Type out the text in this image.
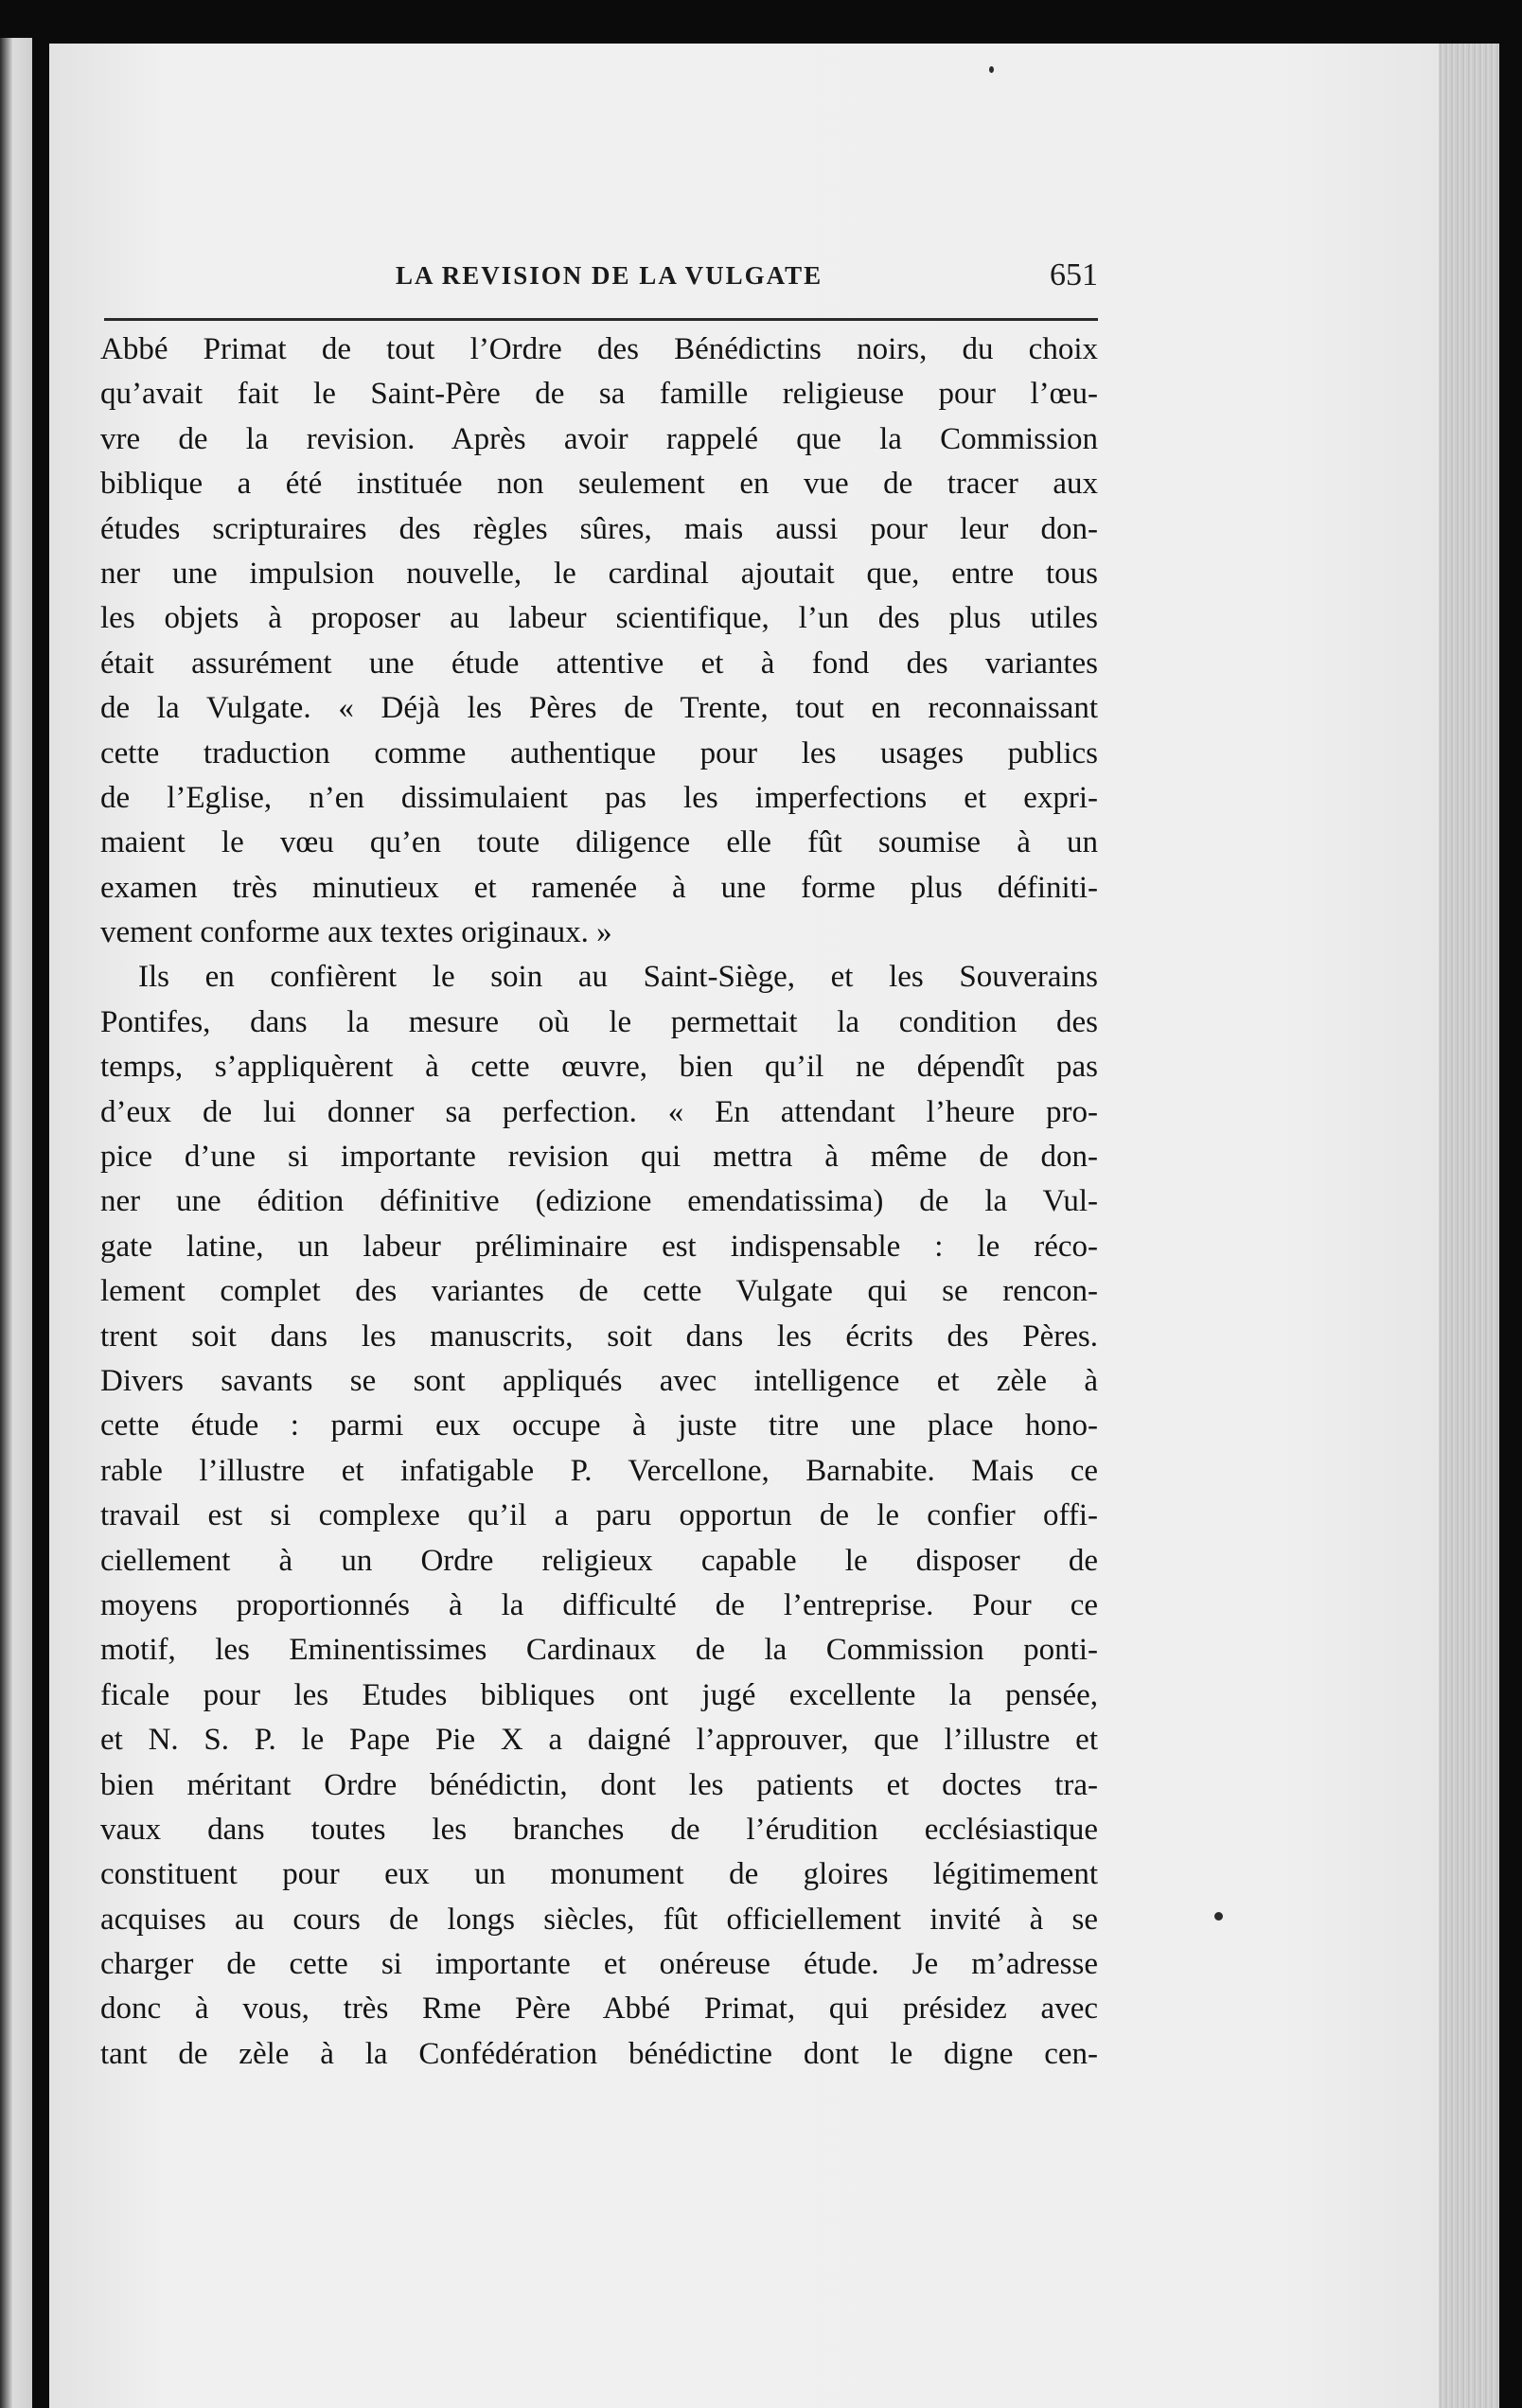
LA REVISION DE LA VULGATE	651
Abbé Primat de tout l’Ordre des Bénédictins noirs, du choix
qu’avait fait le Saint-Père de sa famille religieuse pour l’œu-
vre de la revision. Après avoir rappelé que la Commission
biblique a été instituée non seulement en vue de tracer aux
études scripturaires des règles sûres, mais aussi pour leur don-
ner une impulsion nouvelle, le cardinal ajoutait que, entre tous
les objets à proposer au labeur scientifique, l’un des plus utiles
était assurément une étude attentive et à fond des variantes
de la Vulgate. « Déjà les Pères de Trente, tout en reconnaissant
cette traduction comme authentique pour les usages publics
de l’Eglise, n’en dissimulaient pas les imperfections et expri-
maient le vœu qu’en toute diligence elle fût soumise à un
examen très minutieux et ramenée à une forme plus définiti-
vement conforme aux textes originaux. »
Ils en confièrent le soin au Saint-Siège, et les Souverains
Pontifes, dans la mesure où le permettait la condition des
temps, s’appliquèrent à cette œuvre, bien qu’il ne dépendît pas
d’eux de lui donner sa perfection. « En attendant l’heure pro-
pice d’une si importante revision qui mettra à même de don-
ner une édition définitive (edizione emendatissima) de la Vul-
gate latine, un labeur préliminaire est indispensable : le réco-
lement complet des variantes de cette Vulgate qui se rencon-
trent soit dans les manuscrits, soit dans les écrits des Pères.
Divers savants se sont appliqués avec intelligence et zèle à
cette étude : parmi eux occupe à juste titre une place hono-
rable l’illustre et infatigable P. Vercellone, Barnabite. Mais ce
travail est si complexe qu’il a paru opportun de le confier offi-
ciellement à un Ordre religieux capable le disposer de
moyens proportionnés à la difficulté de l’entreprise. Pour ce
motif, les Eminentissimes Cardinaux de la Commission ponti-
ficale pour les Etudes bibliques ont jugé excellente la pensée,
et N. S. P. le Pape Pie X a daigné l’approuver, que l’illustre et
bien méritant Ordre bénédictin, dont les patients et doctes tra-
vaux dans toutes les branches de l’érudition ecclésiastique
constituent pour eux un monument de gloires légitimement
acquises au cours de longs siècles, fût officiellement invité à se
charger de cette si importante et onéreuse étude. Je m’adresse
donc à vous, très Rme Père Abbé Primat, qui présidez avec
tant de zèle à la Confédération bénédictine dont le digne cen-
